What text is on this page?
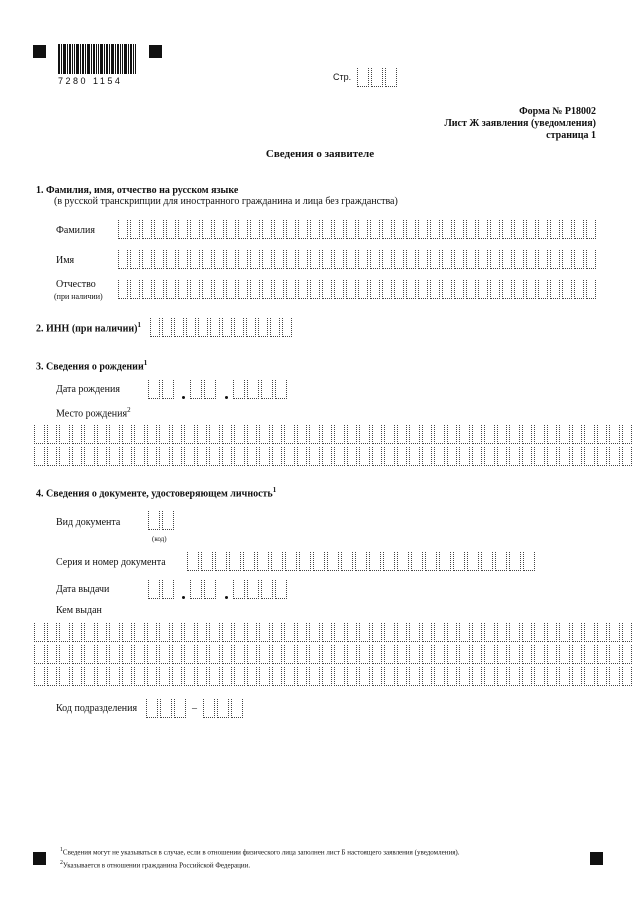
7280 1154	Стр.
Форма № Р18002
Лист Ж заявления (уведомления)
страница 1
Сведения о заявителе
1. Фамилия, имя, отчество на русском языке
(в русской транскрипции для иностранного гражданина и лица без гражданства)
Фамилия
Имя
Отчество
(при наличии)
2. ИНН (при наличии)$^1$
3. Сведения о рождении$^1$
Дата рождения
Место рождения$^2$
4. Сведения о документе, удостоверяющем личность$^1$
Вид документа
(код)
Серия и номер документа
Дата выдачи
Кем выдан
Код подразделения	–
$^1$Сведения могут не указываться в случае, если в отношении физического лица заполнен лист Б настоящего заявления (уведомления).
$^2$Указывается в отношении гражданина Российской Федерации.
